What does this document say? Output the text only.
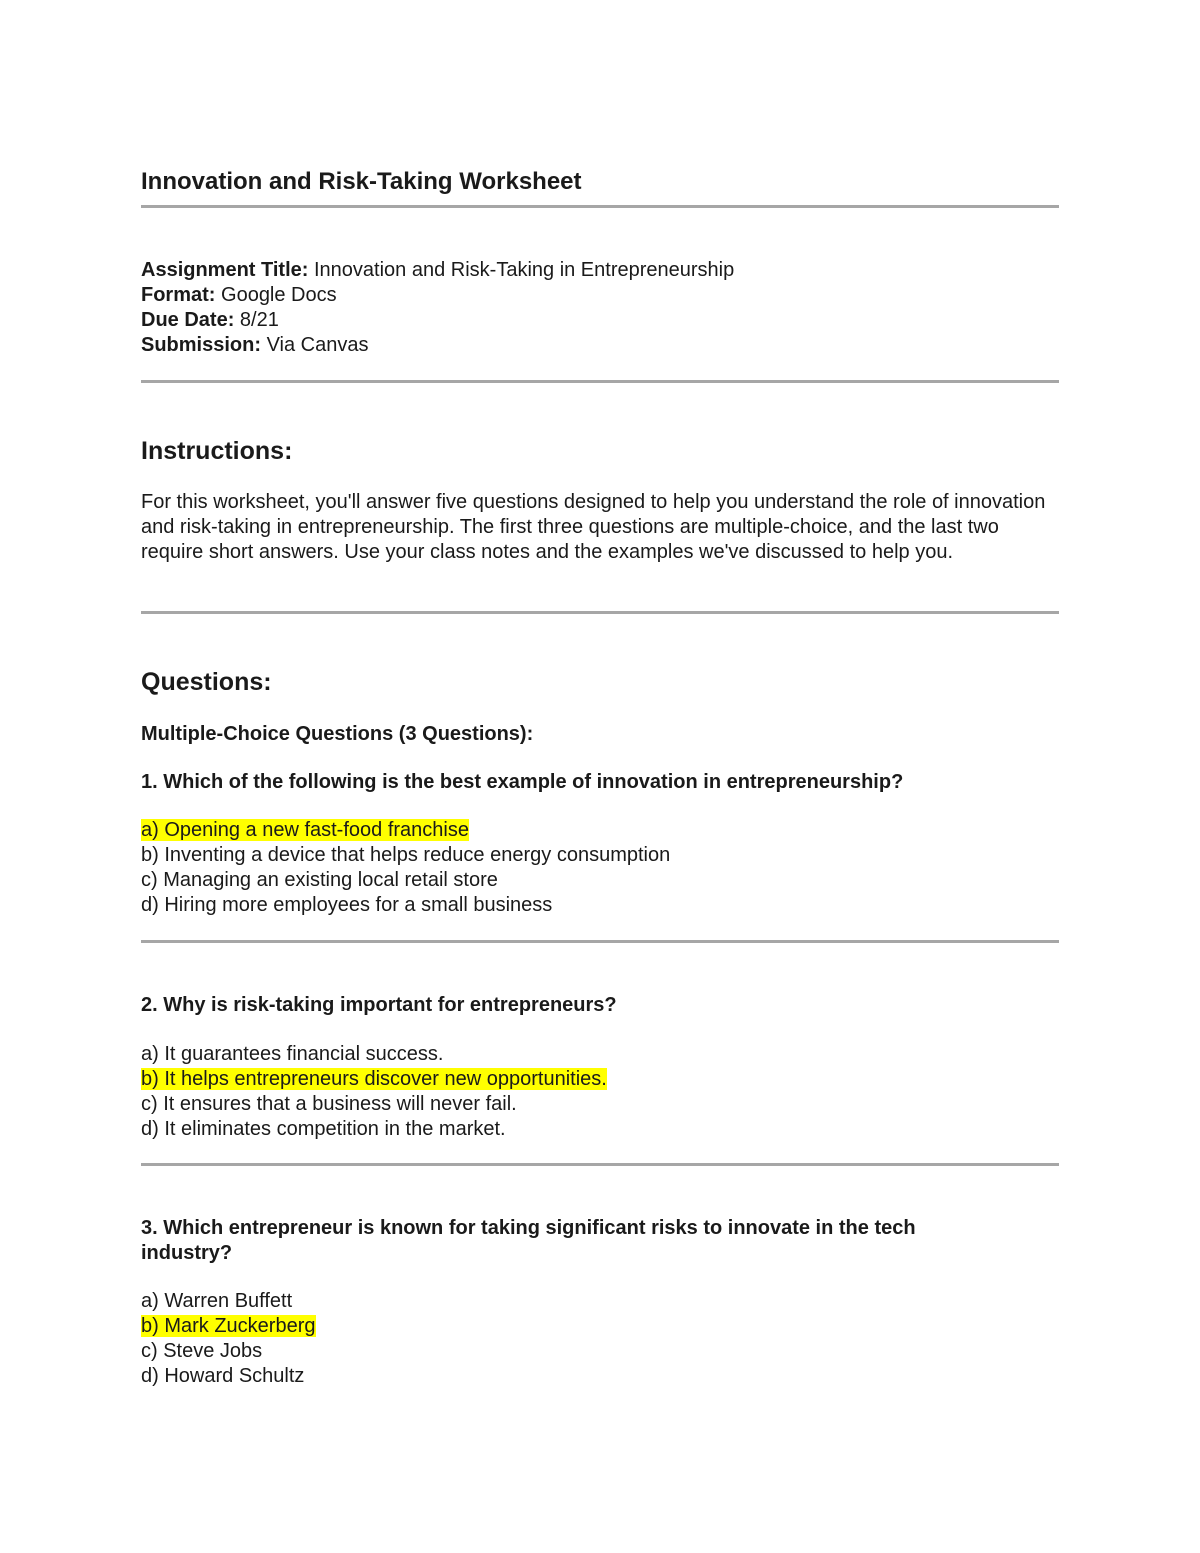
Innovation and Risk-Taking Worksheet
Assignment Title: Innovation and Risk-Taking in Entrepreneurship
Format: Google Docs
Due Date: 8/21
Submission: Via Canvas
Instructions:

For this worksheet, you'll answer five questions designed to help you understand the role of innovation and risk-taking in entrepreneurship. The first three questions are multiple-choice, and the last two require short answers. Use your class notes and the examples we've discussed to help you.

Questions:
Multiple-Choice Questions (3 Questions):
1. Which of the following is the best example of innovation in entrepreneurship?
a) Opening a new fast-food franchise
b) Inventing a device that helps reduce energy consumption
c) Managing an existing local retail store
d) Hiring more employees for a small business
2. Why is risk-taking important for entrepreneurs?
a) It guarantees financial success.
b) It helps entrepreneurs discover new opportunities.
c) It ensures that a business will never fail.
d) It eliminates competition in the market.
3. Which entrepreneur is known for taking significant risks to innovate in the tech industry?
a) Warren Buffett
b) Mark Zuckerberg
c) Steve Jobs
d) Howard Schultz
